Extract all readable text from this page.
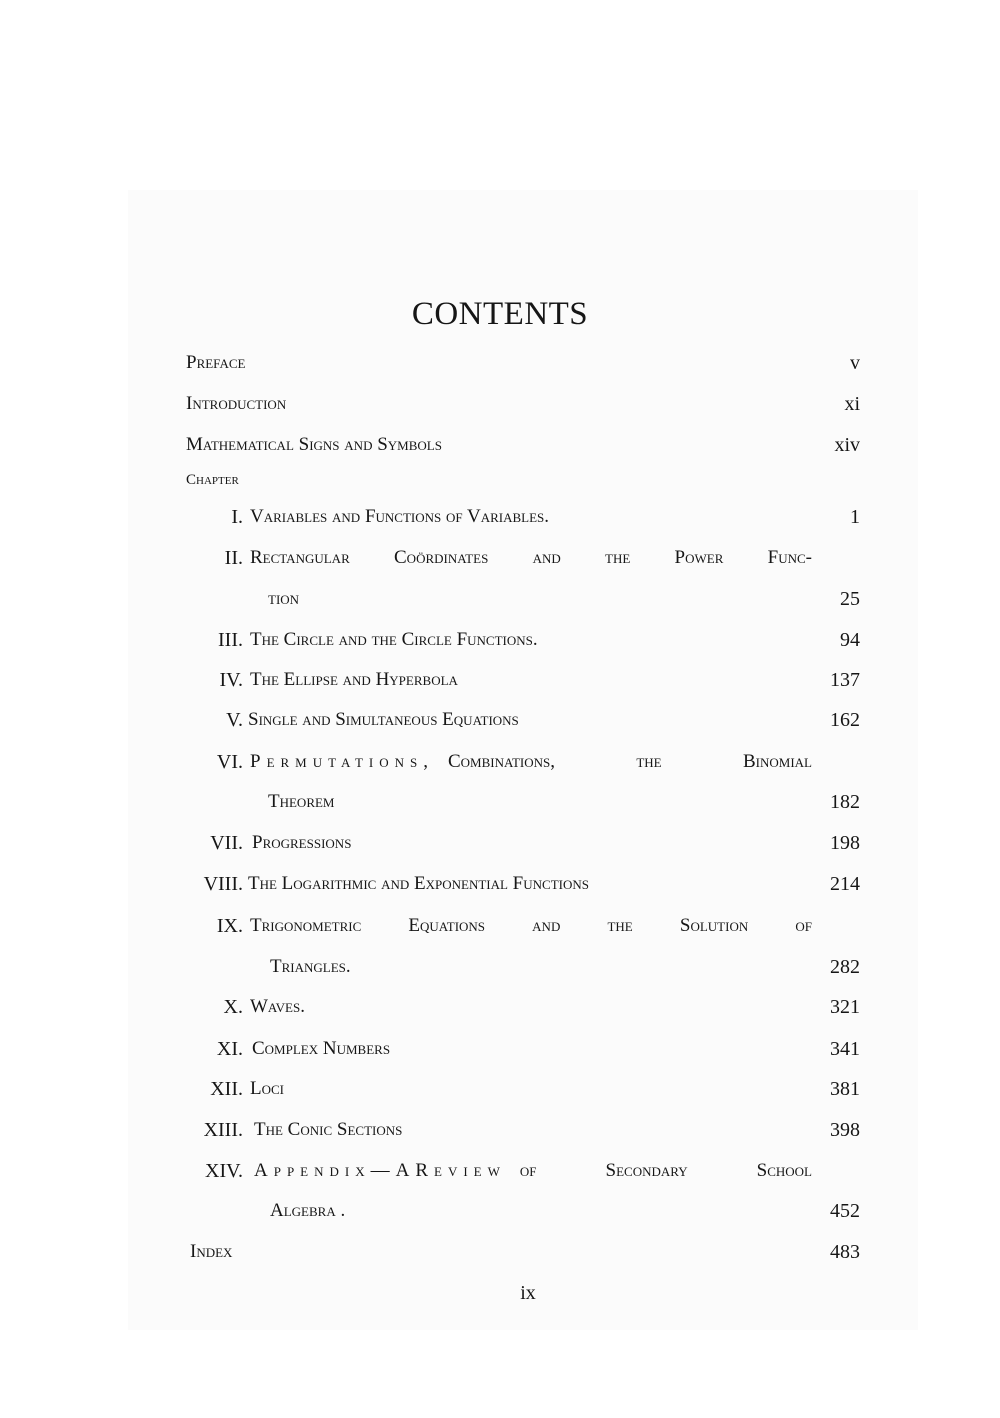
CONTENTS
Preface	v
Introduction	xi
Mathematical Signs and Symbols	xiv
Chapter
I. Variables and Functions of Variables.	1
II. Rectangular Coördinates and the Power Func-
tion	25
III. The Circle and the Circle Functions.	94
IV. The Ellipse and Hyperbola	137
V. Single and Simultaneous Equations	162
VI. Permutations, Combinations, the Binomial
Theorem	182
VII. Progressions	198
VIII. The Logarithmic and Exponential Functions	214
IX. Trigonometric Equations and the Solution of
Triangles.	282
X. Waves.	321
XI. Complex Numbers	341
XII. Loci	381
XIII. The Conic Sections	398
XIV. Appendix—A Review of Secondary School
Algebra .	452
Index	483
ix
